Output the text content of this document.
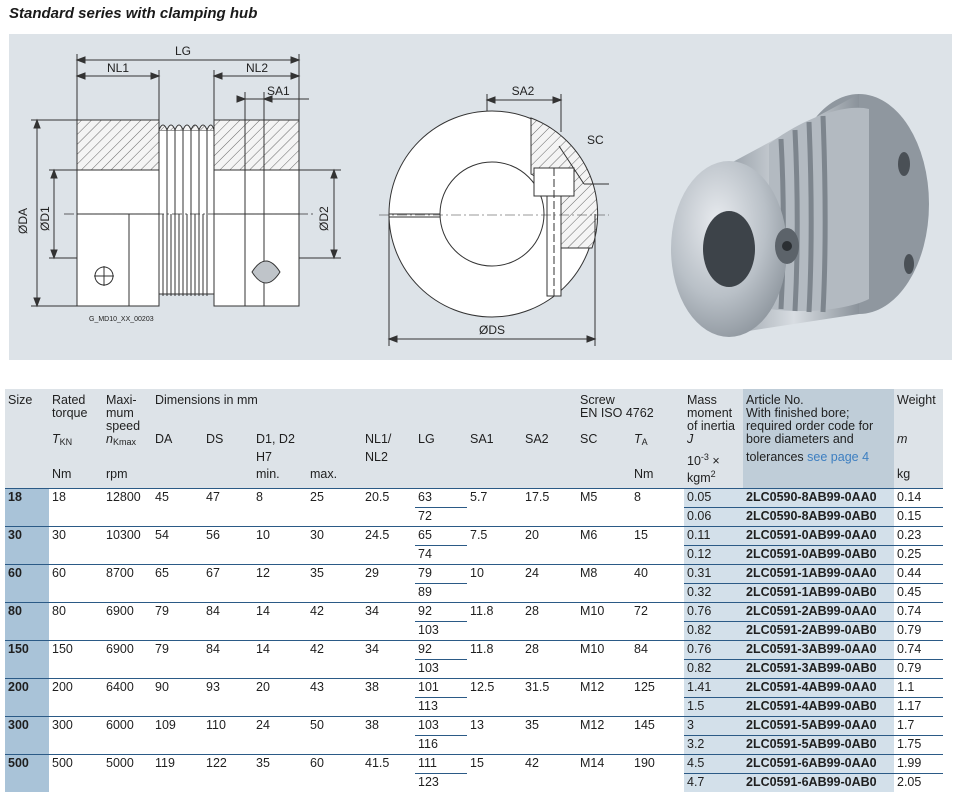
Standard series with clamping hub
LG
NL1	NL2
SA1
ØDA ØD1	ØD2
G_MD10_XX_00203
SA2
SC
ØDS
Size	Rated	Maxi-	Dimensions in mm								Screw		Mass	Article No.	Weight
	torque	mum									EN ISO 4762		moment	With finished bore;	
		speed											of inertia	required order code for	
	$T_{KN}$	$n_{Kmax}$	DA	DS	D1, D2		NL1/	LG	SA1	SA2	SC	$T_A$	J	bore diameters and	m
					H7		NL2						$10^{-3}$ ×	tolerances see page 4	
	Nm	rpm			min.	max.						Nm	kgm$^2$		kg
18	18	12800	45	47	8	25	20.5	63	5.7	17.5	M5	8	0.05	2LC0590-8AB99-0AA0	0.14
								72					0.06	2LC0590-8AB99-0AB0	0.15
30	30	10300	54	56	10	30	24.5	65	7.5	20	M6	15	0.11	2LC0591-0AB99-0AA0	0.23
								74					0.12	2LC0591-0AB99-0AB0	0.25
60	60	8700	65	67	12	35	29	79	10	24	M8	40	0.31	2LC0591-1AB99-0AA0	0.44
								89					0.32	2LC0591-1AB99-0AB0	0.45
80	80	6900	79	84	14	42	34	92	11.8	28	M10	72	0.76	2LC0591-2AB99-0AA0	0.74
								103					0.82	2LC0591-2AB99-0AB0	0.79
150	150	6900	79	84	14	42	34	92	11.8	28	M10	84	0.76	2LC0591-3AB99-0AA0	0.74
								103					0.82	2LC0591-3AB99-0AB0	0.79
200	200	6400	90	93	20	43	38	101	12.5	31.5	M12	125	1.41	2LC0591-4AB99-0AA0	1.1
								113					1.5	2LC0591-4AB99-0AB0	1.17
300	300	6000	109	110	24	50	38	103	13	35	M12	145	3	2LC0591-5AB99-0AA0	1.7
								116					3.2	2LC0591-5AB99-0AB0	1.75
500	500	5000	119	122	35	60	41.5	111	15	42	M14	190	4.5	2LC0591-6AB99-0AA0	1.99
								123					4.7	2LC0591-6AB99-0AB0	2.05
